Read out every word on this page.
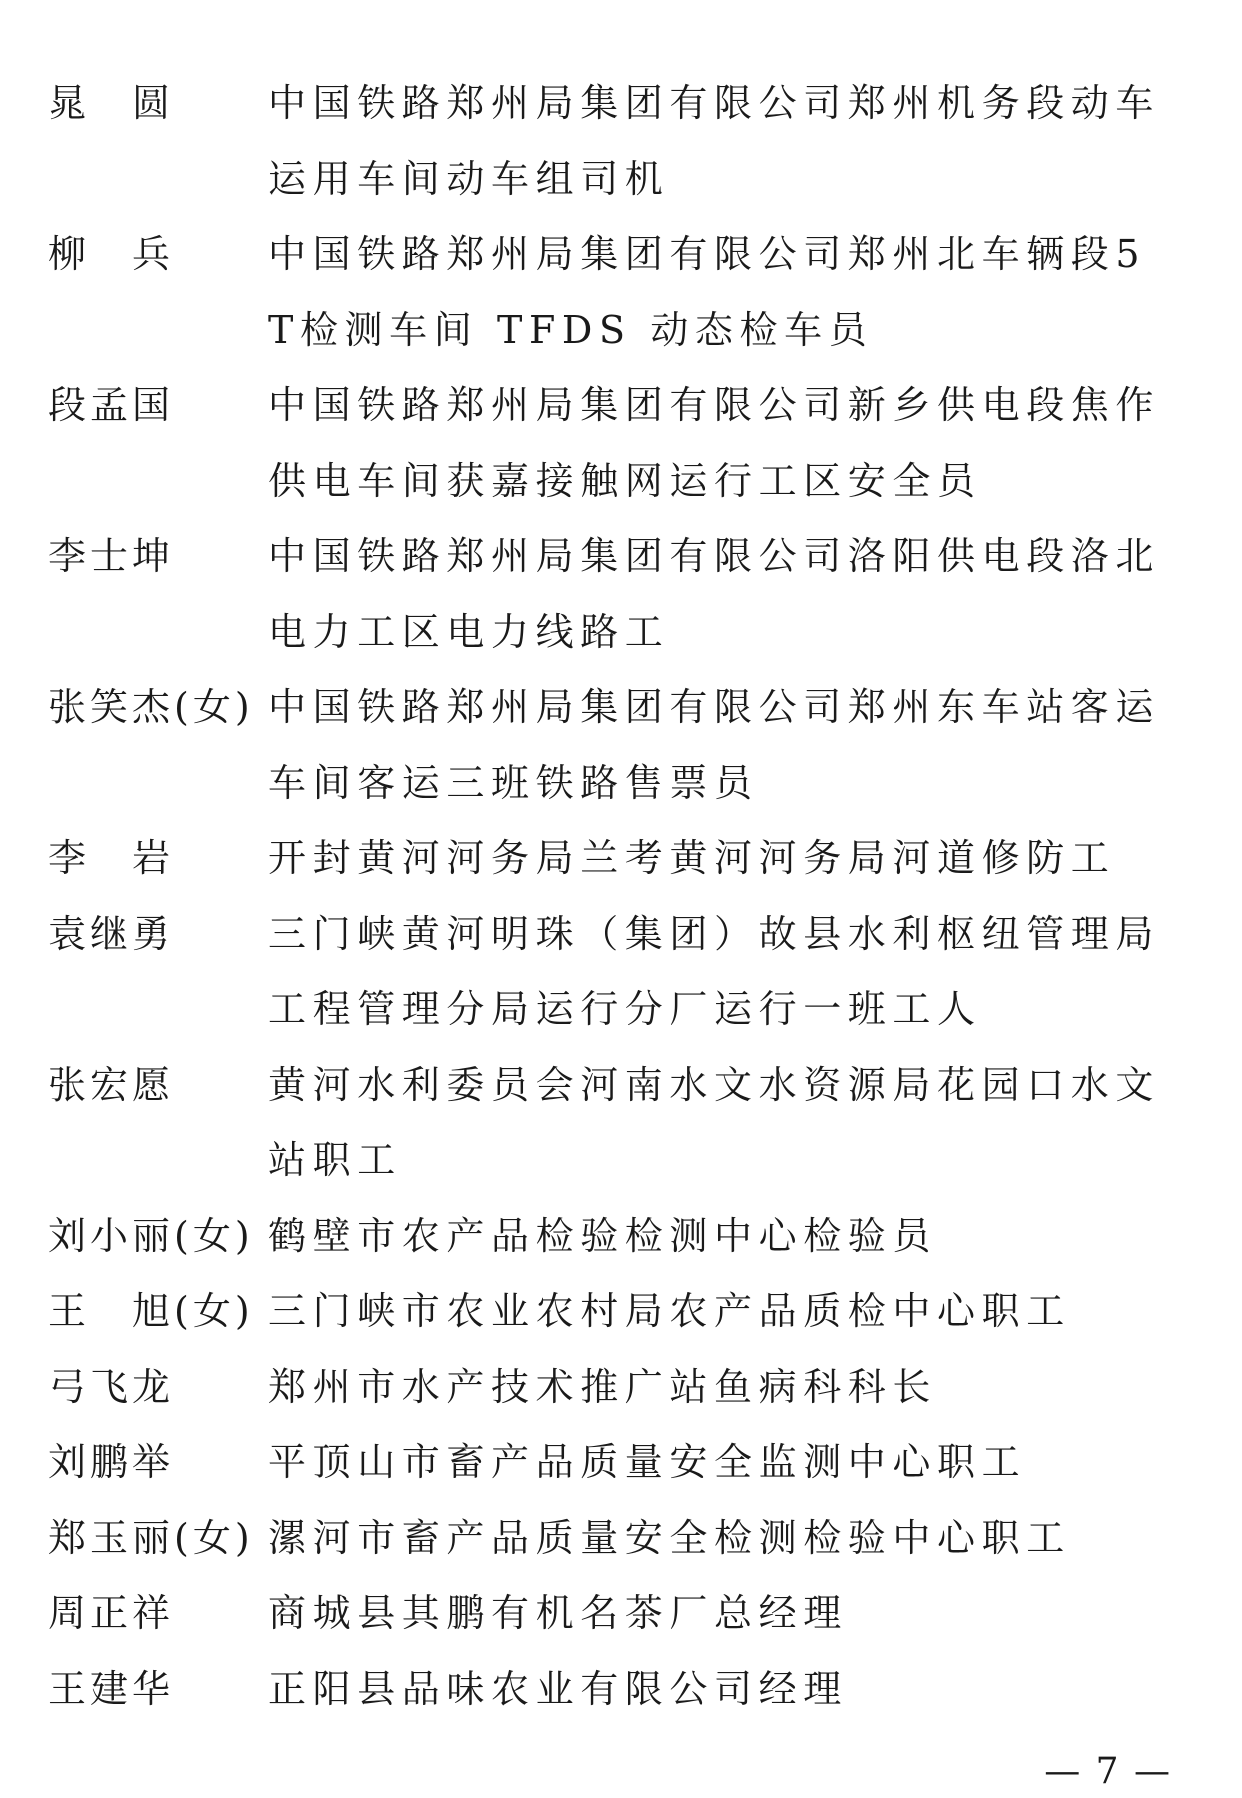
晁　圆	中国铁路郑州局集团有限公司郑州机务段动车运用车间动车组司机
柳　兵	中国铁路郑州局集团有限公司郑州北车辆段5T检测车间 TFDS 动态检车员
段孟国	中国铁路郑州局集团有限公司新乡供电段焦作供电车间获嘉接触网运行工区安全员
李士坤	中国铁路郑州局集团有限公司洛阳供电段洛北电力工区电力线路工
张笑杰(女) 中国铁路郑州局集团有限公司郑州东车站客运车间客运三班铁路售票员
李　岩	开封黄河河务局兰考黄河河务局河道修防工
袁继勇	三门峡黄河明珠（集团）故县水利枢纽管理局工程管理分局运行分厂运行一班工人
张宏愿	黄河水利委员会河南水文水资源局花园口水文站职工
刘小丽(女) 鹤壁市农产品检验检测中心检验员
王　旭(女) 三门峡市农业农村局农产品质检中心职工
弓飞龙	郑州市水产技术推广站鱼病科科长
刘鹏举	平顶山市畜产品质量安全监测中心职工
郑玉丽(女) 漯河市畜产品质量安全检测检验中心职工
周正祥	商城县其鹏有机名茶厂总经理
王建华	正阳县品味农业有限公司经理
— 7 —
